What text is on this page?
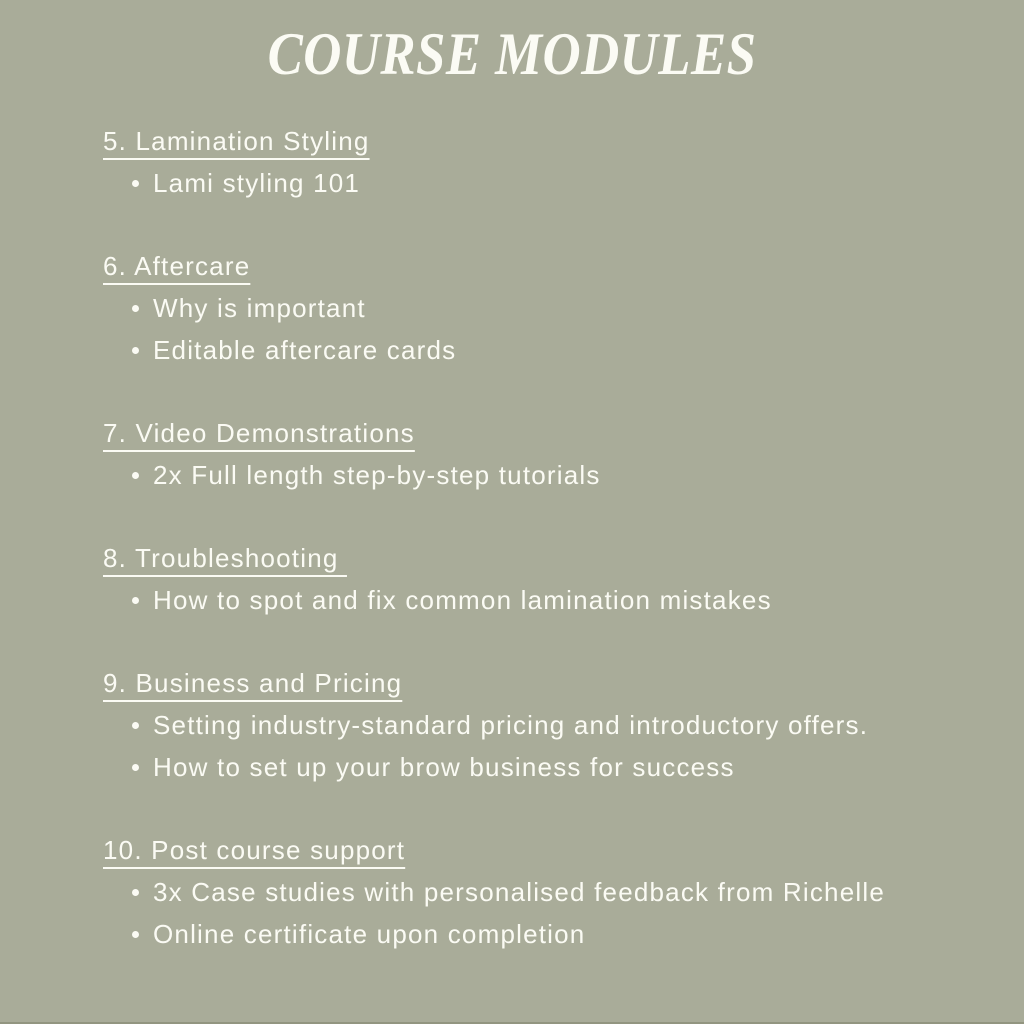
COURSE MODULES
5. Lamination Styling
Lami styling 101
6. Aftercare
Why is important
Editable aftercare cards
7. Video Demonstrations
2x Full length step-by-step tutorials
8. Troubleshooting
How to spot and fix common lamination mistakes
9. Business and Pricing
Setting industry-standard pricing and introductory offers.
How to set up your brow business for success
10. Post course support
3x Case studies with personalised feedback from Richelle
Online certificate upon completion
